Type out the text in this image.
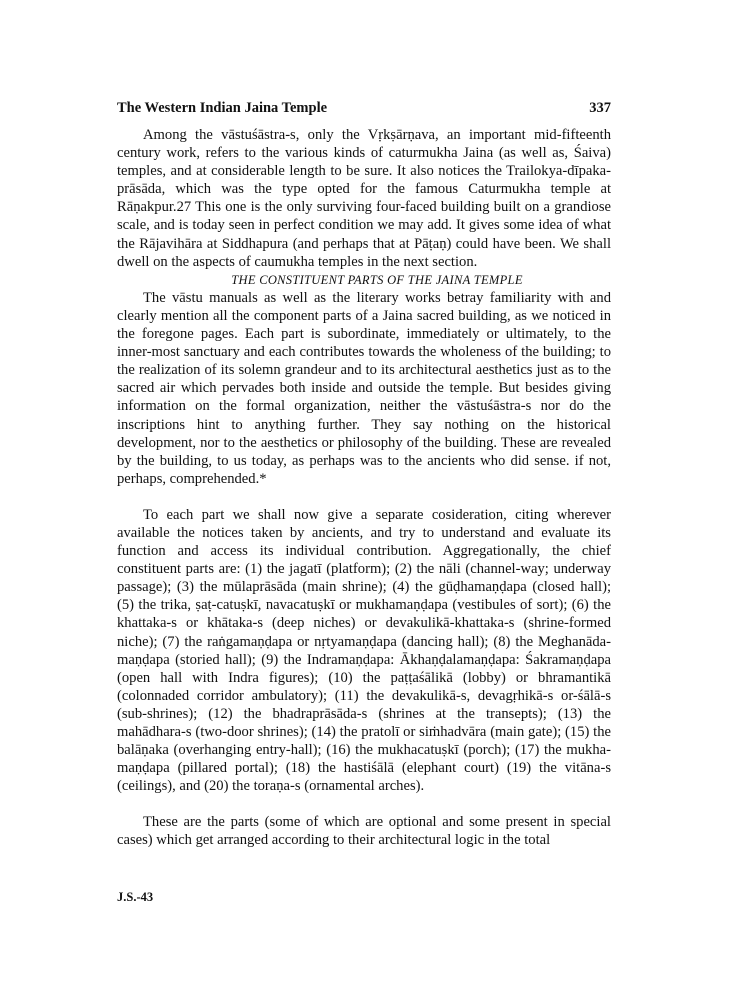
The Western Indian Jaina Temple	337

Among the vāstuśāstra-s, only the Vṛkṣārṇava, an important mid-fifteenth century work, refers to the various kinds of caturmukha Jaina (as well as, Śaiva) temples, and at considerable length to be sure. It also notices the Trailokya-dīpaka-prāsāda, which was the type opted for the famous Caturmukha temple at Rāṇakpur.27 This one is the only surviving four-faced building built on a grandiose scale, and is today seen in perfect condition we may add. It gives some idea of what the Rājavihāra at Siddhapura (and perhaps that at Pāṭaṇ) could have been. We shall dwell on the aspects of caumukha temples in the next section.

THE CONSTITUENT PARTS OF THE JAINA TEMPLE

The vāstu manuals as well as the literary works betray familiarity with and clearly mention all the component parts of a Jaina sacred building, as we noticed in the foregone pages. Each part is subordinate, immediately or ultimately, to the inner-most sanctuary and each contributes towards the wholeness of the building; to the realization of its solemn grandeur and to its architectural aesthetics just as to the sacred air which pervades both inside and outside the temple. But besides giving information on the formal organization, neither the vāstuśāstra-s nor do the inscriptions hint to anything further. They say nothing on the historical development, nor to the aesthetics or philosophy of the building. These are revealed by the building, to us today, as perhaps was to the ancients who did sense. if not, perhaps, comprehended.*

To each part we shall now give a separate cosideration, citing wherever available the notices taken by ancients, and try to understand and evaluate its function and access its individual contribution. Aggregationally, the chief constituent parts are: (1) the jagatī (platform); (2) the nāli (channel-way; underway passage); (3) the mūlaprāsāda (main shrine); (4) the gūḍhamaṇḍapa (closed hall); (5) the trika, ṣaṭ-catuṣkī, navacatuṣkī or mukhamaṇḍapa (vestibules of sort); (6) the khattaka-s or khātaka-s (deep niches) or devakulikā-khattaka-s (shrine-formed niche); (7) the raṅgamaṇḍapa or nṛtyamaṇḍapa (dancing hall); (8) the Meghanāda-maṇḍapa (storied hall); (9) the Indramaṇḍapa: Ākhaṇḍalamaṇḍapa: Śakramaṇḍapa (open hall with Indra figures); (10) the paṭṭaśālikā (lobby) or bhramantikā (colonnaded corridor ambulatory); (11) the devakulikā-s, devagṛhikā-s or-śālā-s (sub-shrines); (12) the bhadraprāsāda-s (shrines at the transepts); (13) the mahādhara-s (two-door shrines); (14) the pratolī or siṁhadvāra (main gate); (15) the balāṇaka (overhanging entry-hall); (16) the mukhacatuṣkī (porch); (17) the mukha-maṇḍapa (pillared portal); (18) the hastiśālā (elephant court) (19) the vitāna-s (ceilings), and (20) the toraṇa-s (ornamental arches).

These are the parts (some of which are optional and some present in special cases) which get arranged according to their architectural logic in the total

J.S.-43
